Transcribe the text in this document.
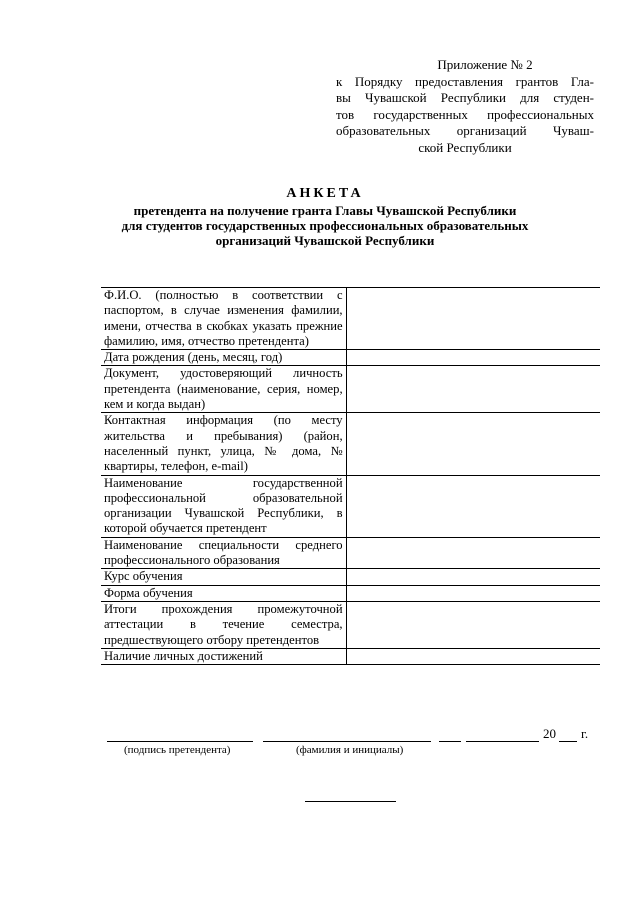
Приложение № 2
к Порядку предоставления грантов Гла-
вы Чувашской Республики для студен-
тов государственных профессиональных
образовательных организаций Чуваш-
ской Республики
АНКЕТА
претендента на получение гранта Главы Чувашской Республики
для студентов государственных профессиональных образовательных
организаций Чувашской Республики
Ф.И.О. (полностью в соответствии с паспортом, в случае изменения фамилии, имени, отчества в скобках указать прежние фамилию, имя, отчество претендента)	
Дата рождения (день, месяц, год)	
Документ, удостоверяющий личность претендента (наименование, серия, номер, кем и когда выдан)	
Контактная информация (по месту жительства и пребывания) (район, населенный пункт, улица, № дома, № квартиры, телефон, e-mail)	
Наименование государственной профессиональной образовательной организации Чувашской Республики, в которой обучается претендент	
Наименование специальности среднего профессионального образования	
Курс обучения	
Форма обучения	
Итоги прохождения промежуточной аттестации в течение семестра, предшествующего отбору претендентов	
Наличие личных достижений	
20 г.
(подпись претендента)	(фамилия и инициалы)
